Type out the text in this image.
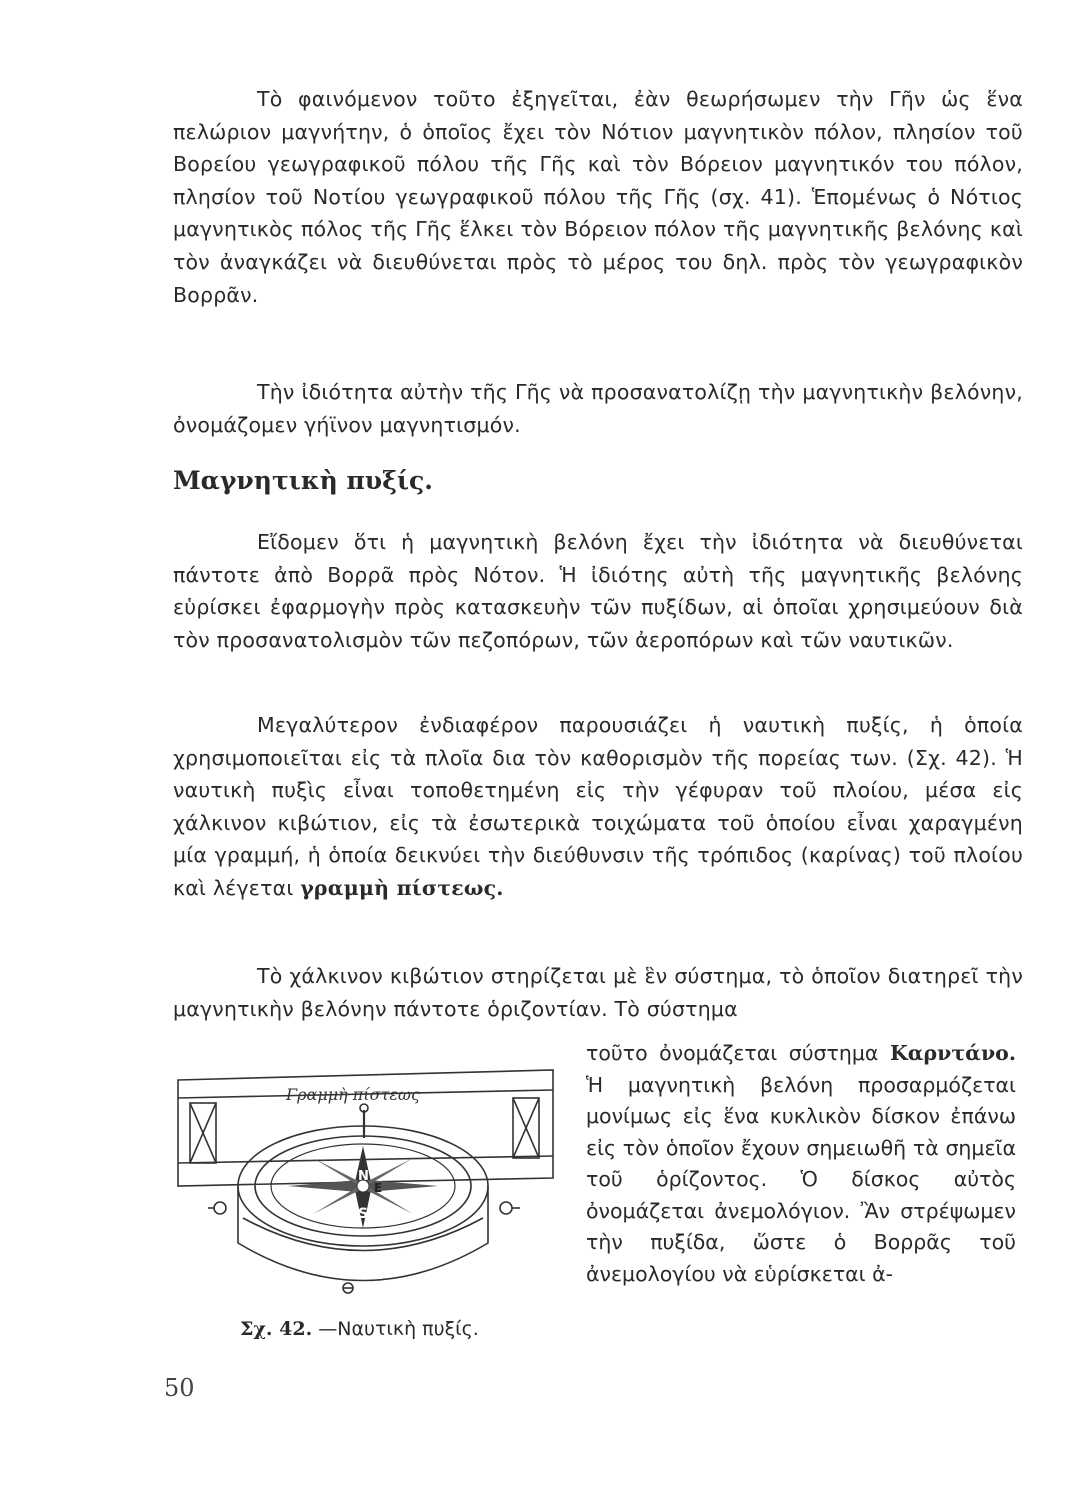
Τὸ φαινόμενον τοῦτο ἐξηγεῖται, ἐὰν θεωρήσωμεν τὴν Γῆν ὡς ἕνα πελώριον μαγνήτην, ὁ ὁποῖος ἔχει τὸν Νότιον μαγνητικὸν πόλον, πλησίον τοῦ Βορείου γεωγραφικοῦ πόλου τῆς Γῆς καὶ τὸν Βόρειον μαγνητικόν του πόλον, πλησίον τοῦ Νοτίου γεωγραφικοῦ πόλου τῆς Γῆς (σχ. 41). Ἑπομένως ὁ Νότιος μαγνητικὸς πόλος τῆς Γῆς ἕλκει τὸν Βόρειον πόλον τῆς μαγνητικῆς βελόνης καὶ τὸν ἀναγκάζει νὰ διευθύνεται πρὸς τὸ μέρος του δηλ. πρὸς τὸν γεωγραφικὸν Βορρᾶν.

Τὴν ἰδιότητα αὐτὴν τῆς Γῆς νὰ προσανατολίζῃ τὴν μαγνητικὴν βελόνην, ὀνομάζομεν γήϊνον μαγνητισμόν.

Μαγνητικὴ πυξίς.

Εἴδομεν ὅτι ἡ μαγνητικὴ βελόνη ἔχει τὴν ἰδιότητα νὰ διευθύνεται πάντοτε ἀπὸ Βορρᾶ πρὸς Νότον. Ἡ ἰδιότης αὐτὴ τῆς μαγνητικῆς βελόνης εὑρίσκει ἐφαρμογὴν πρὸς κατασκευὴν τῶν πυξίδων, αἱ ὁποῖαι χρησιμεύουν διὰ τὸν προσανατολισμὸν τῶν πεζοπόρων, τῶν ἀεροπόρων καὶ τῶν ναυτικῶν.

Μεγαλύτερον ἐνδιαφέρον παρουσιάζει ἡ ναυτικὴ πυξίς, ἡ ὁποία χρησιμοποιεῖται εἰς τὰ πλοῖα δια τὸν καθορισμὸν τῆς πορείας των. (Σχ. 42). Ἡ ναυτικὴ πυξὶς εἶναι τοποθετημένη εἰς τὴν γέφυραν τοῦ πλοίου, μέσα εἰς χάλκινον κιβώτιον, εἰς τὰ ἐσωτερικὰ τοιχώματα τοῦ ὁποίου εἶναι χαραγμένη μία γραμμή, ἡ ὁποία δεικνύει τὴν διεύθυνσιν τῆς τρόπιδος (καρίνας) τοῦ πλοίου καὶ λέγεται γραμμὴ πίστεως.

Τὸ χάλκινον κιβώτιον στηρίζεται μὲ ἓν σύστημα, τὸ ὁποῖον διατηρεῖ τὴν μαγνητικὴν βελόνην πάντοτε ὁριζοντίαν. Τὸ σύστημα

τοῦτο ὀνομάζεται σύστημα Καρντάνο. Ἡ μαγνητικὴ βελόνη προσαρμόζεται μονίμως εἰς ἕνα κυκλικὸν δίσκον ἐπάνω εἰς τὸν ὁποῖον ἔχουν σημειωθῆ τὰ σημεῖα τοῦ ὁρίζοντος. Ὁ δίσκος αὐτὸς ὀνομάζεται ἀνεμολόγιον. Ἂν στρέψωμεν τὴν πυξίδα, ὥστε ὁ Βορρᾶς τοῦ ἀνεμολογίου νὰ εὑρίσκεται ἀ-

N
E
S
Γραμμὴ πίστεως

Σχ. 42. —Ναυτικὴ πυξίς.

50
